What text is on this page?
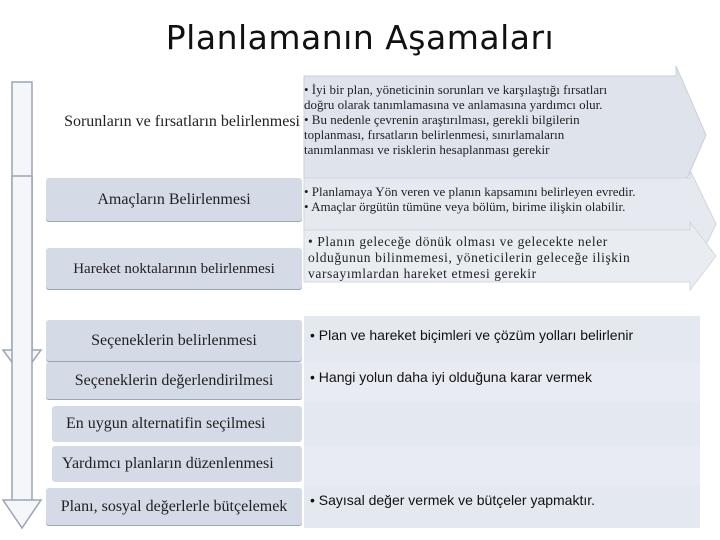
Planlamanın Aşamaları
Sorunların ve fırsatların belirlenmesi
Amaçların Belirlenmesi
Hareket noktalarının belirlenmesi
Seçeneklerin belirlenmesi
Seçeneklerin değerlendirilmesi
En uygun alternatifin seçilmesi
Yardımcı planların düzenlenmesi
Planı, sosyal değerlerle bütçelemek
• İyi bir plan, yöneticinin sorunları ve karşılaştığı fırsatları
doğru olarak tanımlamasına ve anlamasına yardımcı olur.
• Bu nedenle çevrenin araştırılması, gerekli bilgilerin
toplanması, fırsatların belirlenmesi, sınırlamaların
tanımlanması ve risklerin hesaplanması gerekir
• Planlamaya Yön veren ve planın kapsamını belirleyen evredir.
• Amaçlar örgütün tümüne veya bölüm, birime ilişkin olabilir.
• Planın geleceğe dönük olması ve gelecekte neler
olduğunun bilinmemesi, yöneticilerin geleceğe ilişkin
varsayımlardan hareket etmesi gerekir
• Plan ve hareket biçimleri ve çözüm yolları belirlenir
• Hangi yolun daha iyi olduğuna karar vermek
• Sayısal değer vermek ve bütçeler yapmaktır.
